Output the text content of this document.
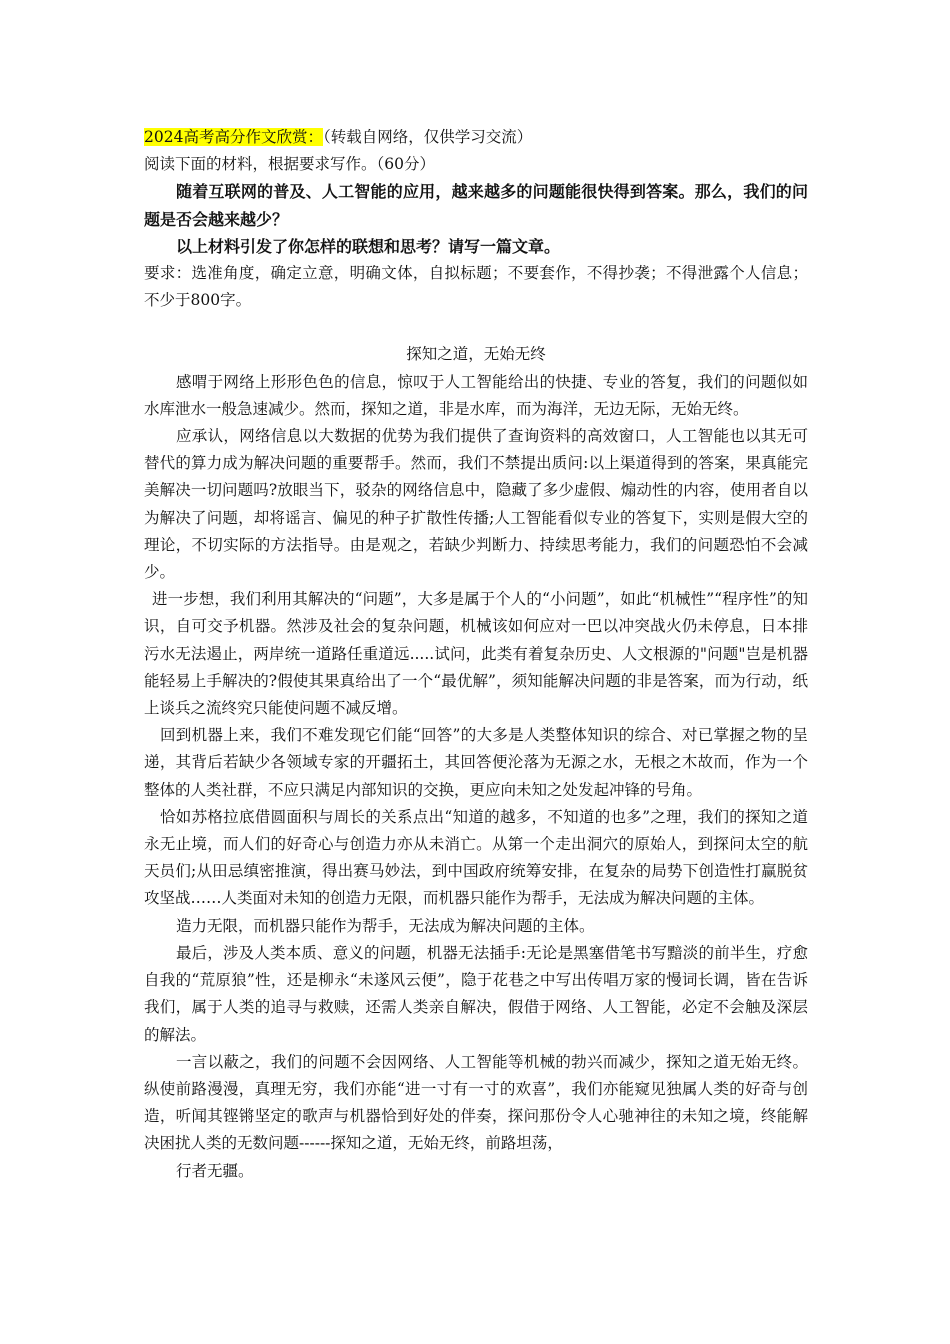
2024高考高分作文欣赏：（转载自网络，仅供学习交流）

阅读下面的材料，根据要求写作。（60分）

随着互联网的普及、人工智能的应用，越来越多的问题能很快得到答案。那么，我们的问题是否会越来越少？

以上材料引发了你怎样的联想和思考？请写一篇文章。

要求：选准角度，确定立意，明确文体，自拟标题；不要套作，不得抄袭；不得泄露个人信息；不少于800字。

探知之道，无始无终

感喟于网络上形形色色的信息，惊叹于人工智能给出的快捷、专业的答复，我们的问题似如水库泄水一般急速减少。然而，探知之道，非是水库，而为海洋，无边无际，无始无终。

应承认，网络信息以大数据的优势为我们提供了查询资料的高效窗口，人工智能也以其无可替代的算力成为解决问题的重要帮手。然而，我们不禁提出质问:以上渠道得到的答案，果真能完美解决一切问题吗?放眼当下，驳杂的网络信息中，隐藏了多少虚假、煽动性的内容，使用者自以为解决了问题，却将谣言、偏见的种子扩散性传播;人工智能看似专业的答复下，实则是假大空的理论，不切实际的方法指导。由是观之，若缺少判断力、持续思考能力，我们的问题恐怕不会减少。

进一步想，我们利用其解决的“问题”，大多是属于个人的“小问题”，如此“机械性”“程序性”的知识，自可交予机器。然涉及社会的复杂问题，机械该如何应对一巴以冲突战火仍未停息，日本排污水无法遏止，两岸统一道路任重道远.....试问，此类有着复杂历史、人文根源的"问题"岂是机器能轻易上手解决的?假使其果真给出了一个“最优解”，须知能解决问题的非是答案，而为行动，纸上谈兵之流终究只能使问题不减反增。

回到机器上来，我们不难发现它们能“回答”的大多是人类整体知识的综合、对已掌握之物的呈递，其背后若缺少各领域专家的开疆拓土，其回答便沦落为无源之水，无根之木故而，作为一个整体的人类社群，不应只满足内部知识的交换，更应向未知之处发起冲锋的号角。

恰如苏格拉底借圆面积与周长的关系点出“知道的越多，不知道的也多”之理，我们的探知之道永无止境，而人们的好奇心与创造力亦从未消亡。从第一个走出洞穴的原始人，到探问太空的航天员们;从田忌缜密推演，得出赛马妙法，到中国政府统筹安排，在复杂的局势下创造性打赢脱贫攻坚战……人类面对未知的创造力无限，而机器只能作为帮手，无法成为解决问题的主体。

造力无限，而机器只能作为帮手，无法成为解决问题的主体。

最后，涉及人类本质、意义的问题，机器无法插手:无论是黑塞借笔书写黯淡的前半生，疗愈自我的“荒原狼”性，还是柳永“未遂风云便”，隐于花巷之中写出传唱万家的慢词长调，皆在告诉我们，属于人类的追寻与救赎，还需人类亲自解决，假借于网络、人工智能，必定不会触及深层的解法。

一言以蔽之，我们的问题不会因网络、人工智能等机械的勃兴而减少，探知之道无始无终。纵使前路漫漫，真理无穷，我们亦能“进一寸有一寸的欢喜”，我们亦能窥见独属人类的好奇与创造，听闻其铿锵坚定的歌声与机器恰到好处的伴奏，探问那份令人心驰神往的未知之境，终能解决困扰人类的无数问题------探知之道，无始无终，前路坦荡，

行者无疆。
